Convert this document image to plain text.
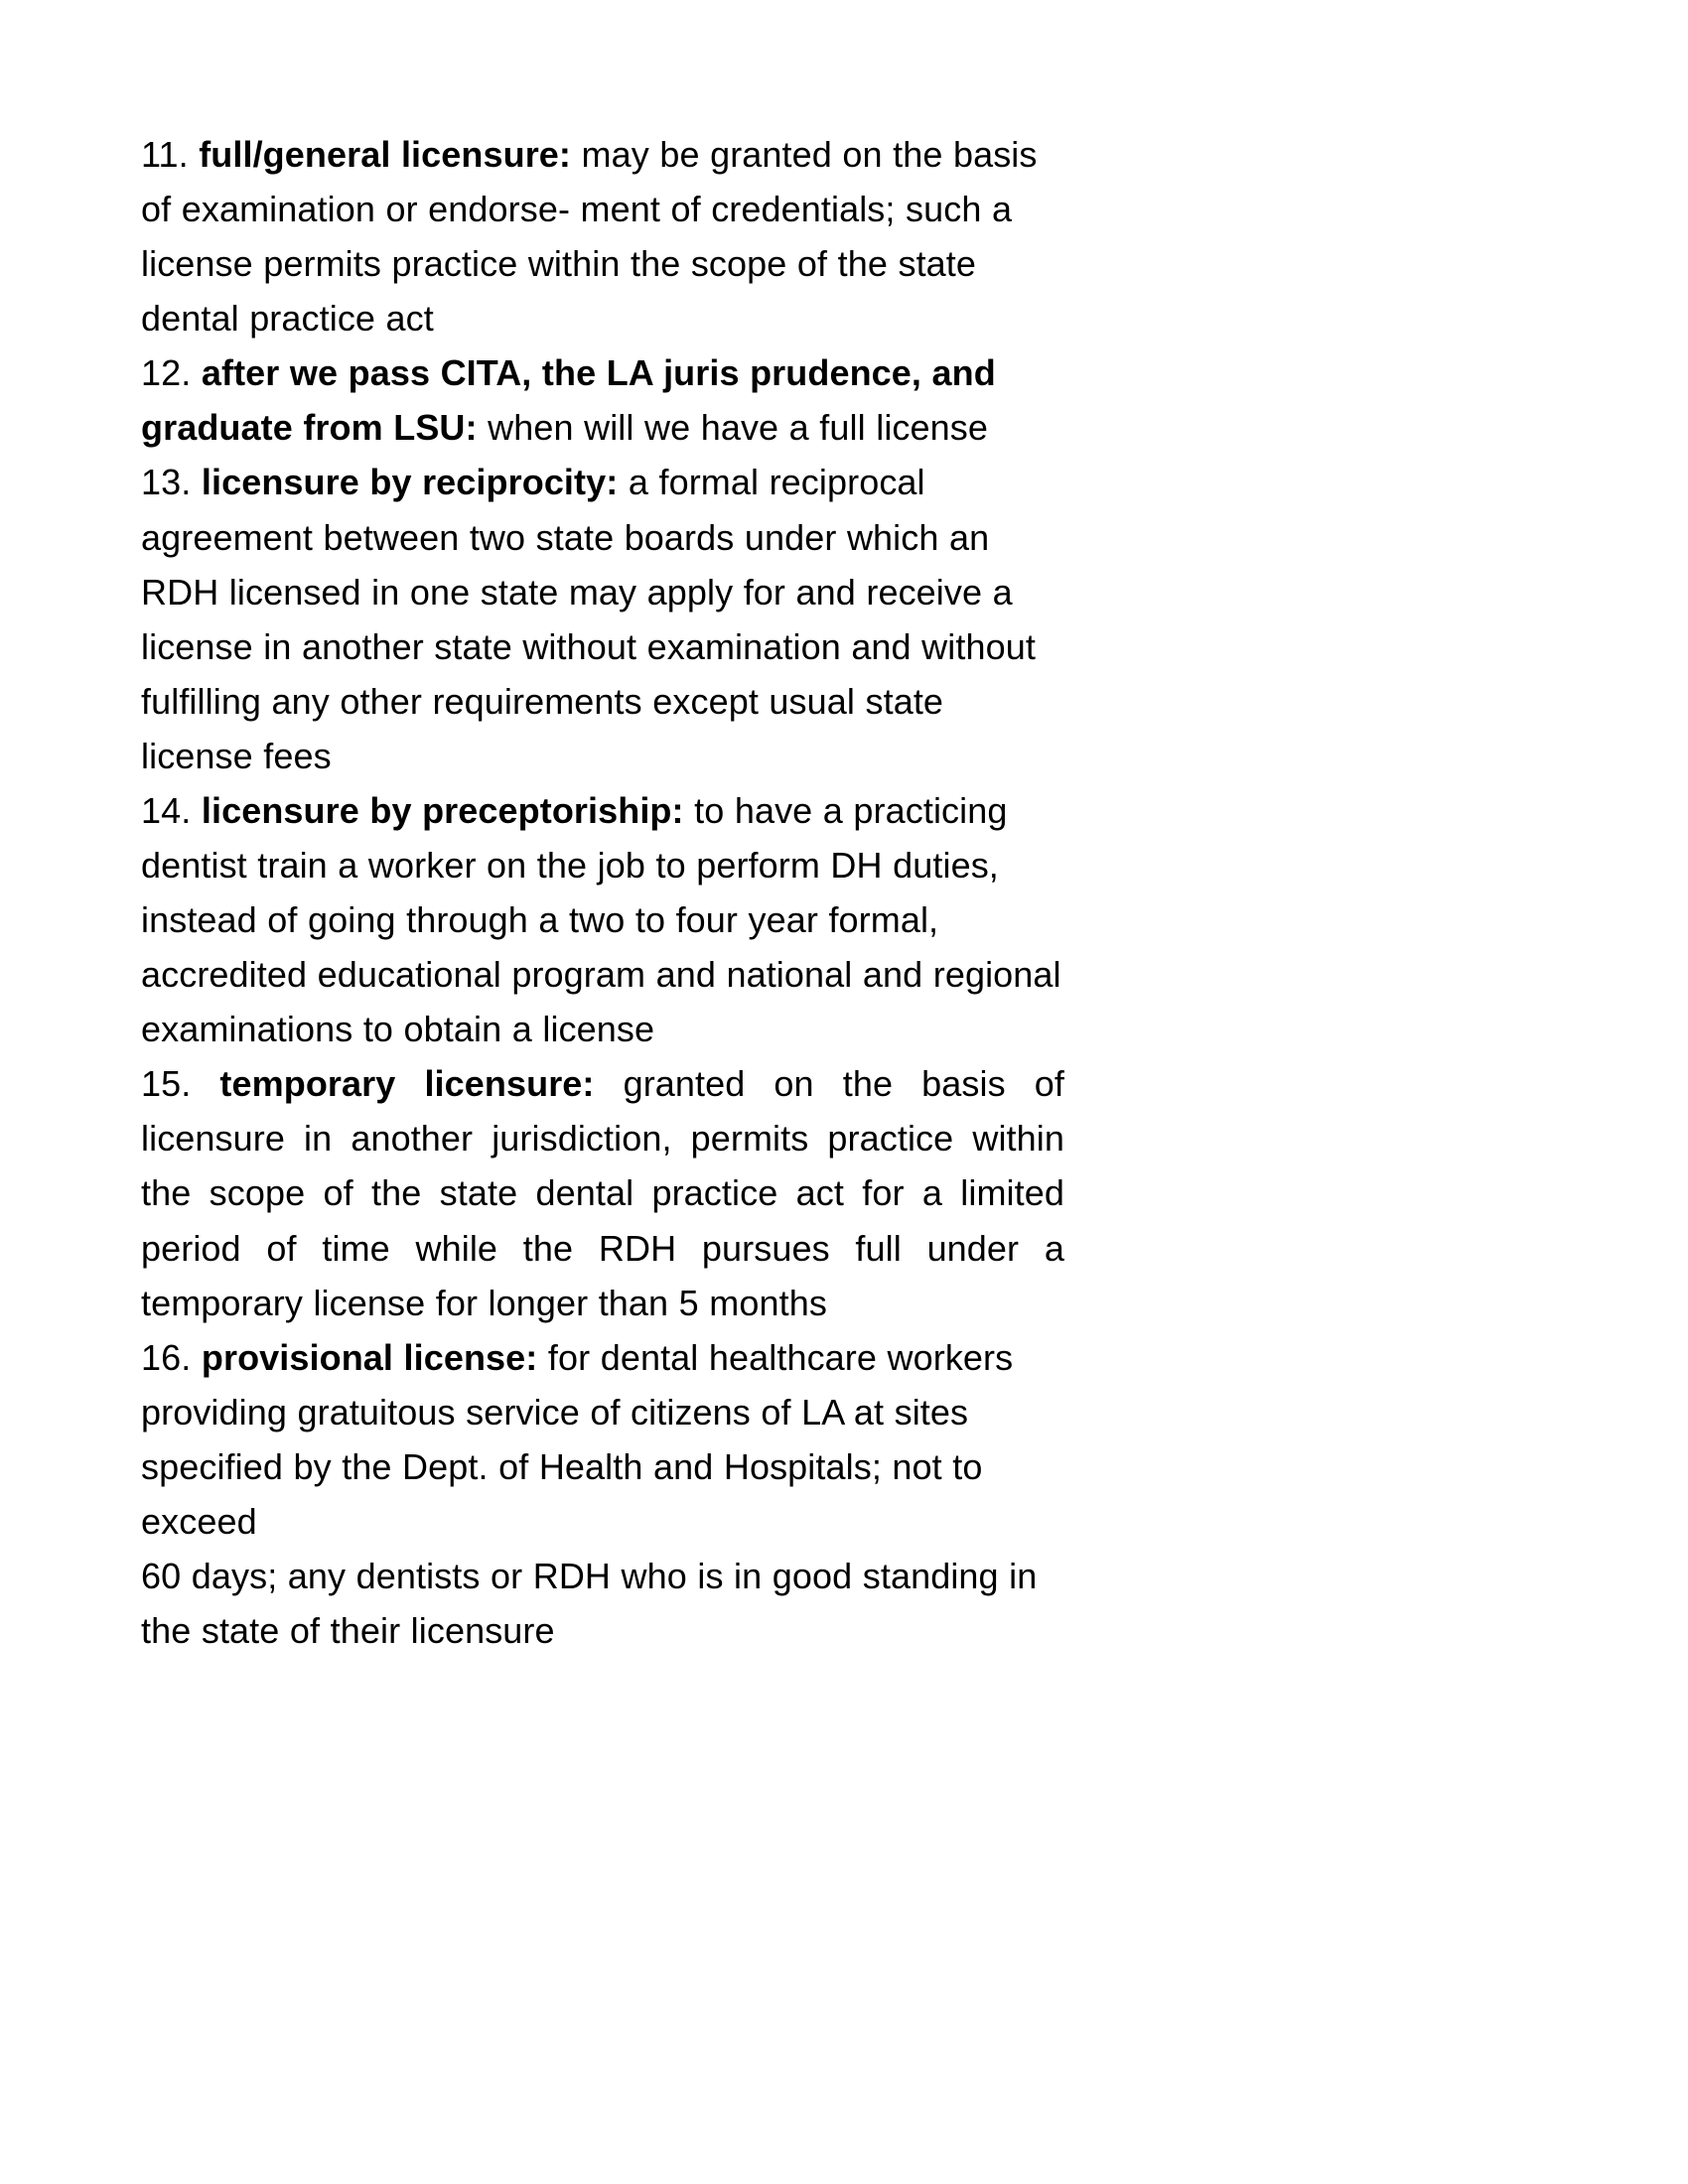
11. full/general licensure: may be granted on the basis of examination or endorse- ment of credentials; such a license permits practice within the scope of the state dental practice act

12. after we pass CITA, the LA juris prudence, and graduate from LSU: when will we have a full license

13. licensure by reciprocity: a formal reciprocal agreement between two state boards under which an RDH licensed in one state may apply for and receive a license in another state without examination and without fulfilling any other requirements except usual state license fees

14. licensure by preceptoriship: to have a practicing dentist train a worker on the job to perform DH duties, instead of going through a two to four year formal, accredited educational program and national and regional examinations to obtain a license

15. temporary licensure: granted on the basis of licensure in another jurisdiction, permits practice within the scope of the state dental practice act for a limited period of time while the RDH pursues full under a temporary license for longer than 5 months

16. provisional license: for dental healthcare workers providing gratuitous service of citizens of LA at sites specified by the Dept. of Health and Hospitals; not to exceed

60 days; any dentists or RDH who is in good standing in the state of their licensure
